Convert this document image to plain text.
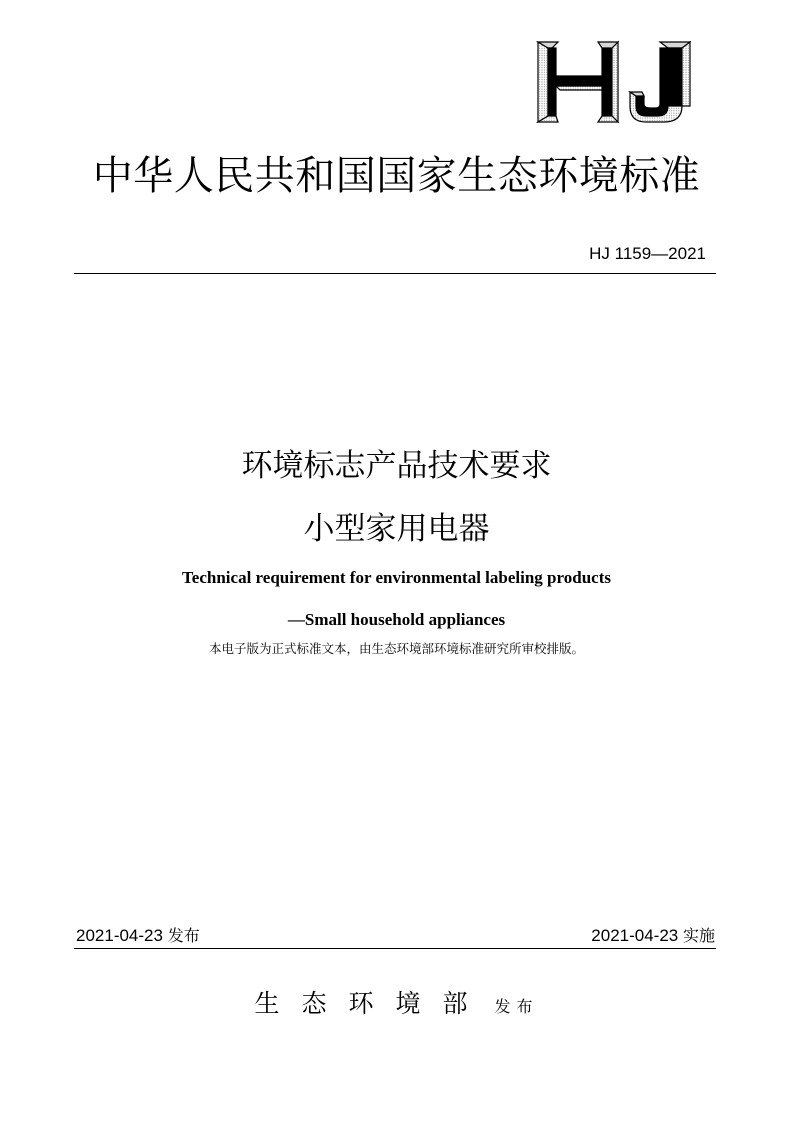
中华人民共和国国家生态环境标准
HJ 1159—2021
环境标志产品技术要求
小型家用电器
Technical requirement for environmental labeling products
—Small household appliances
本电子版为正式标准文本，由生态环境部环境标准研究所审校排版。
2021-04-23 发布	2021-04-23 实施
生态环境部 发布
